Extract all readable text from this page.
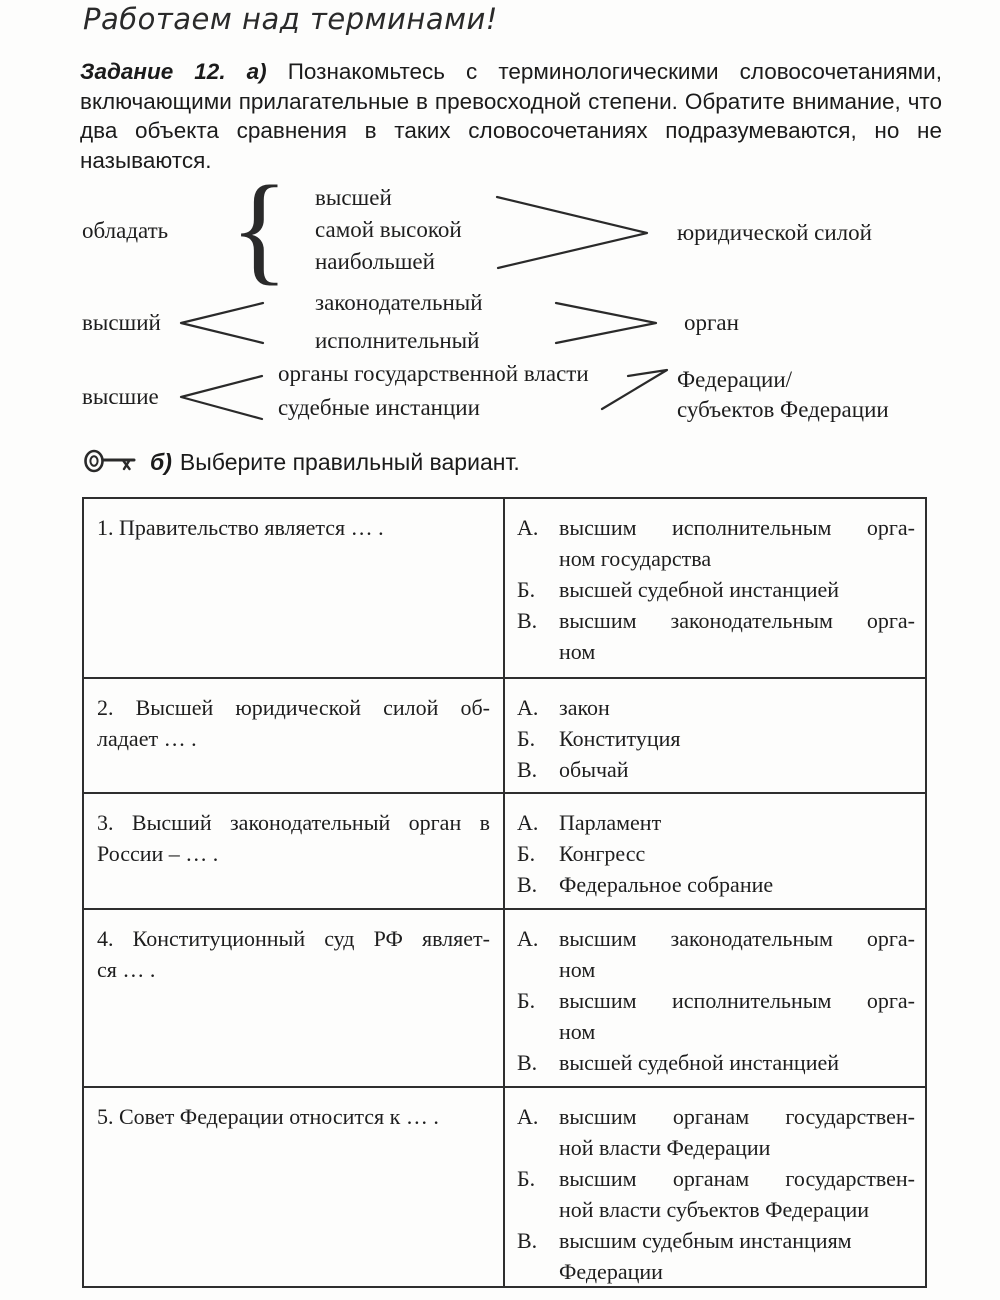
Работаем над терминами!

Задание 12. а) Познакомьтесь с терминологическими словосочетаниями, включающими прилагательные в превосходной степени. Обратите внимание, что два объекта сравнения в таких словосочетаниях подразумеваются, но не называются.

обладать { высшей
самой высокой
наибольшей
юридической силой
высший
законодательный
исполнительный
орган
высшие
органы государственной власти
судебные инстанции
Федерации/
субъектов Федерации
б) Выберите правильный вариант.
1. Правительство является … .	А. высшим исполнительным орга-
ном государства
Б.	высшей судебной инстанцией
В. высшим законодательным орга-
ном
2. Высшей юридической силой об-
ладает … .
А. закон
Б.	Конституция
В. обычай
3. Высший законодательный орган в
России – … .
А. Парламент
Б.	Конгресс
В. Федеральное собрание
4. Конституционный суд РФ являет-
ся … .
А. высшим законодательным орга-
ном
Б.	высшим исполнительным орга-
ном
В. высшей судебной инстанцией
5. Совет Федерации относится к … .	А. высшим органам государствен-
ной власти Федерации
Б.	высшим органам государствен-
ной власти субъектов Федерации
В. высшим судебным инстанциям
Федерации
